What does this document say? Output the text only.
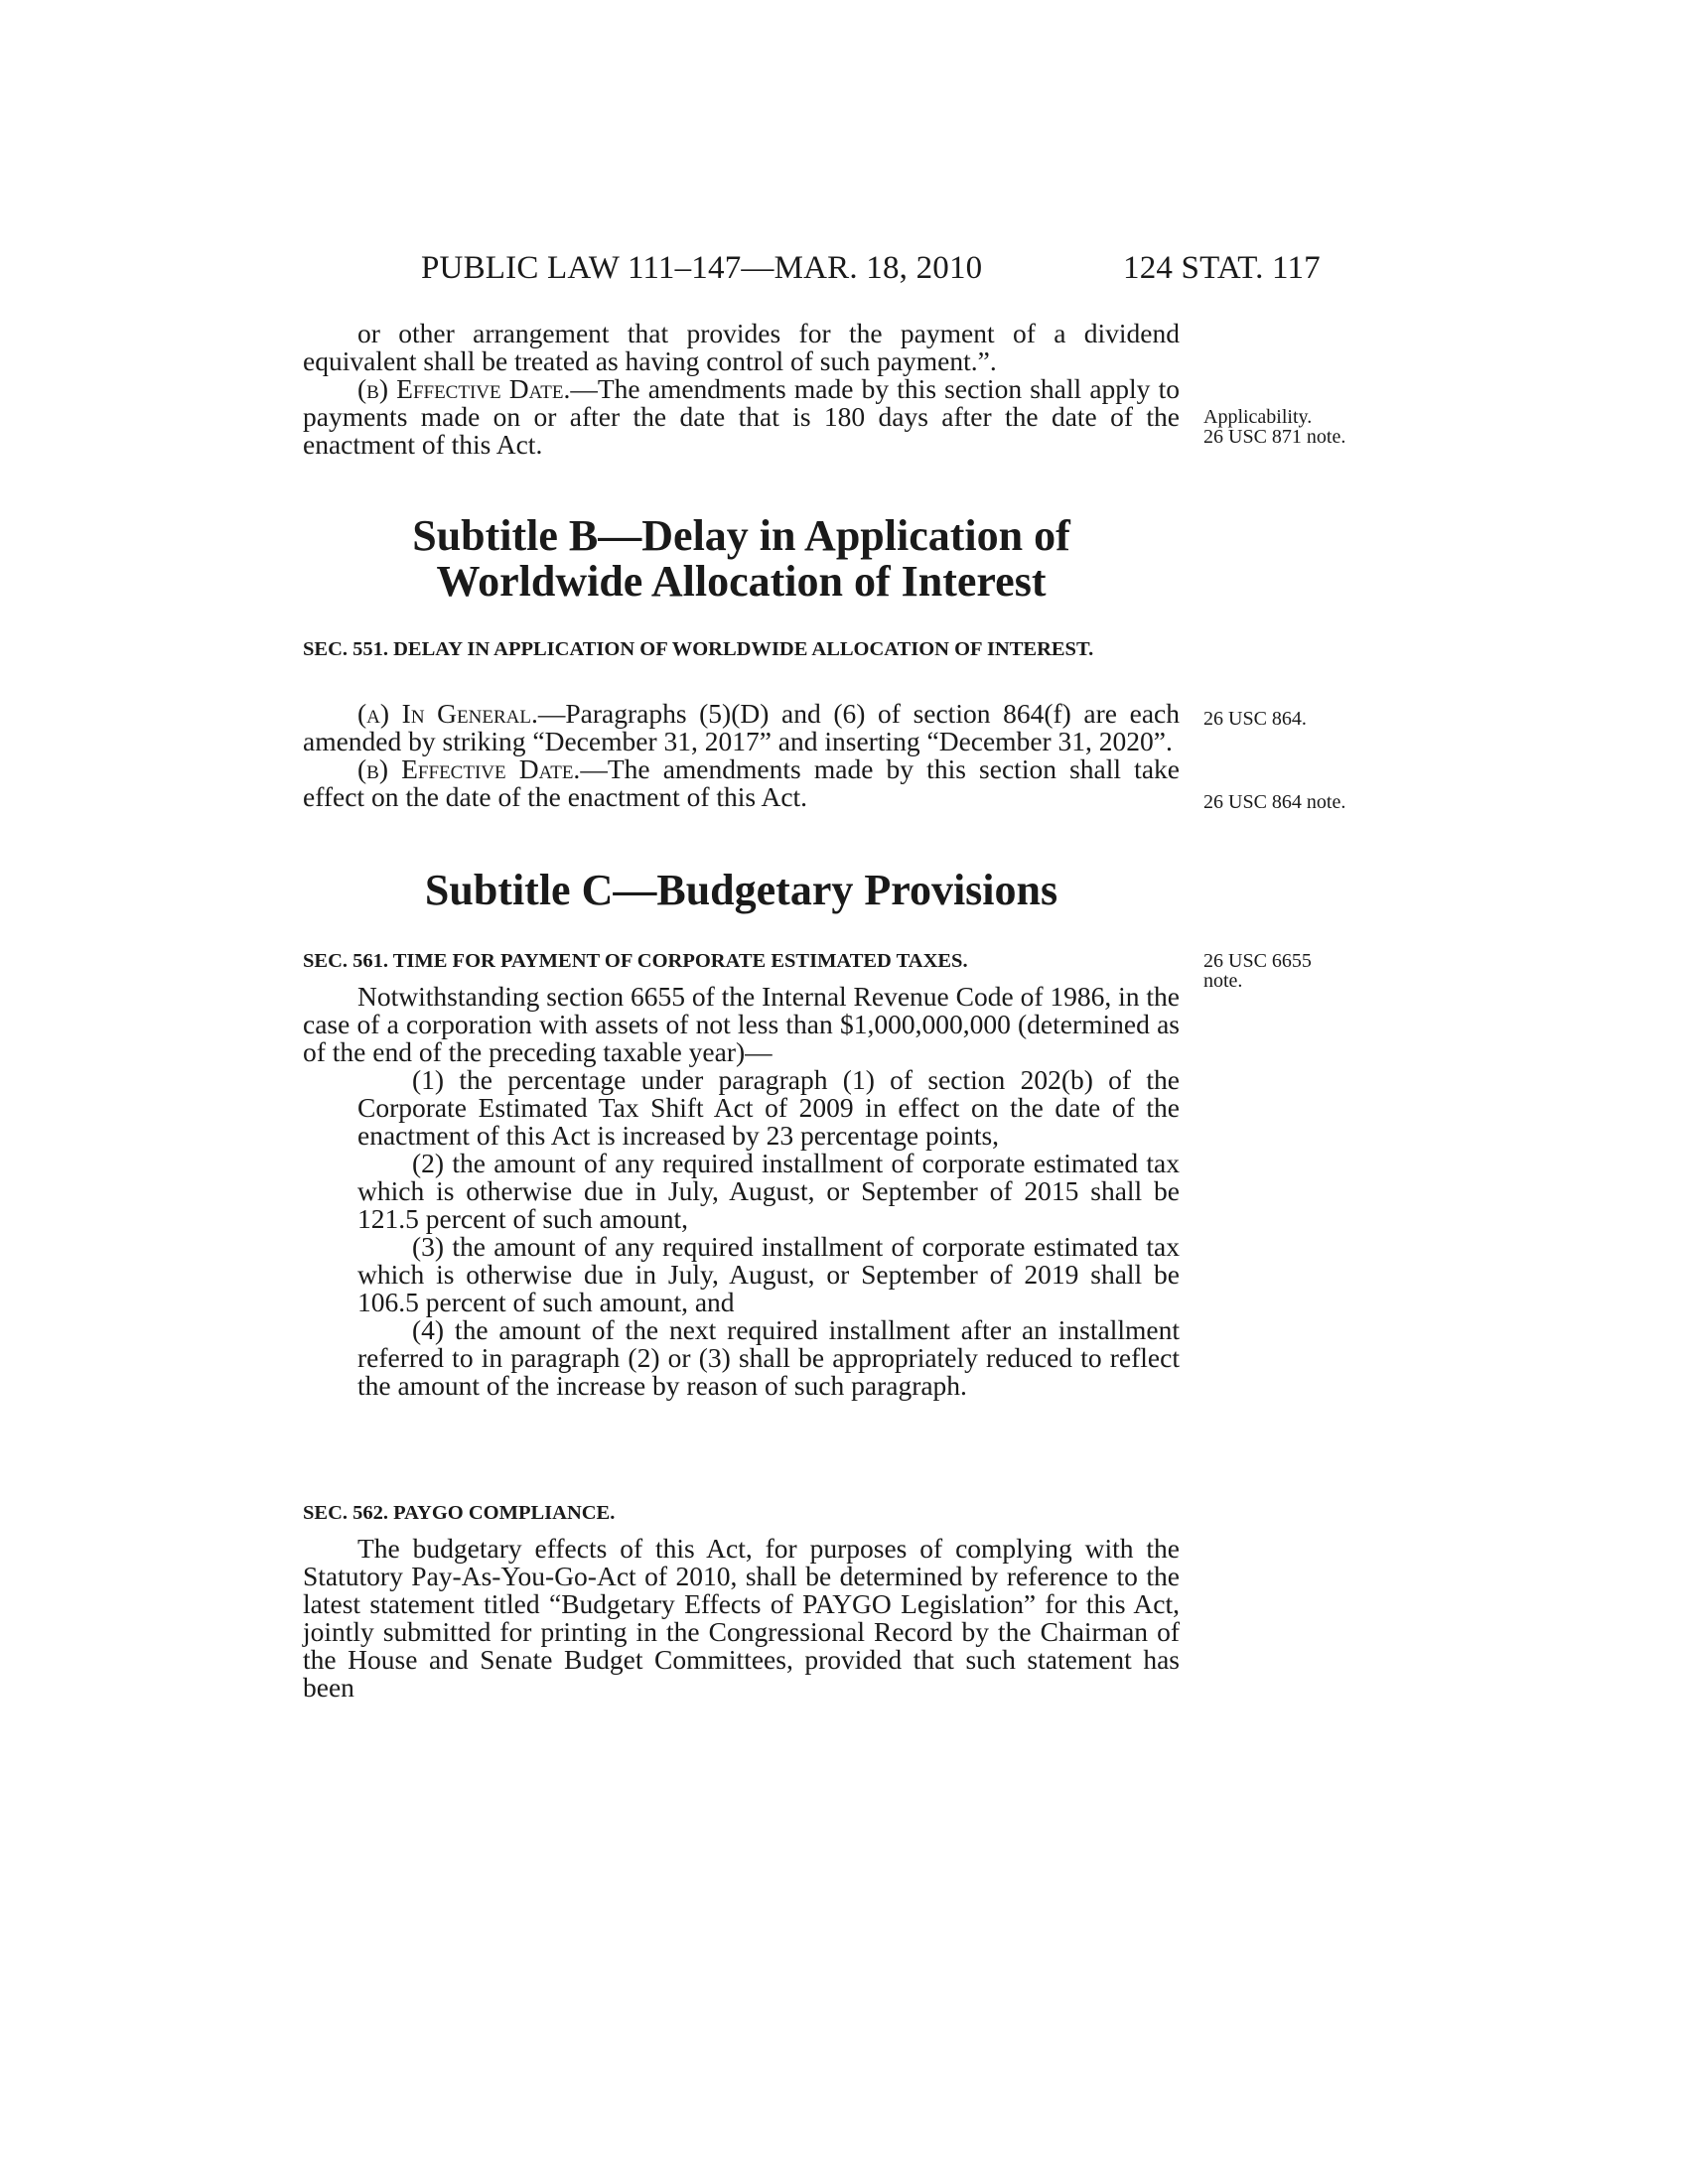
PUBLIC LAW 111–147—MAR. 18, 2010	124 STAT. 117

or other arrangement that provides for the payment of a dividend equivalent shall be treated as having control of such payment.”.

(b) Effective Date.—The amendments made by this section shall apply to payments made on or after the date that is 180 days after the date of the enactment of this Act.

Applicability.
26 USC 871 note.
Subtitle B—Delay in Application of
Worldwide Allocation of Interest
SEC. 551. DELAY IN APPLICATION OF WORLDWIDE ALLOCATION OF INTEREST.

(a) In General.—Paragraphs (5)(D) and (6) of section 864(f) are each amended by striking “December 31, 2017” and inserting “December 31, 2020”.

(b) Effective Date.—The amendments made by this section shall take effect on the date of the enactment of this Act.

26 USC 864.
26 USC 864 note.
Subtitle C—Budgetary Provisions
SEC. 561. TIME FOR PAYMENT OF CORPORATE ESTIMATED TAXES.	26 USC 6655
note.

Notwithstanding section 6655 of the Internal Revenue Code of 1986, in the case of a corporation with assets of not less than $1,000,000,000 (determined as of the end of the preceding taxable year)—

(1) the percentage under paragraph (1) of section 202(b) of the Corporate Estimated Tax Shift Act of 2009 in effect on the date of the enactment of this Act is increased by 23 percentage points,

(2) the amount of any required installment of corporate estimated tax which is otherwise due in July, August, or September of 2015 shall be 121.5 percent of such amount,

(3) the amount of any required installment of corporate estimated tax which is otherwise due in July, August, or September of 2019 shall be 106.5 percent of such amount, and

(4) the amount of the next required installment after an installment referred to in paragraph (2) or (3) shall be appropriately reduced to reflect the amount of the increase by reason of such paragraph.

SEC. 562. PAYGO COMPLIANCE.

The budgetary effects of this Act, for purposes of complying with the Statutory Pay-As-You-Go-Act of 2010, shall be determined by reference to the latest statement titled “Budgetary Effects of PAYGO Legislation” for this Act, jointly submitted for printing in the Congressional Record by the Chairman of the House and Senate Budget Committees, provided that such statement has been
